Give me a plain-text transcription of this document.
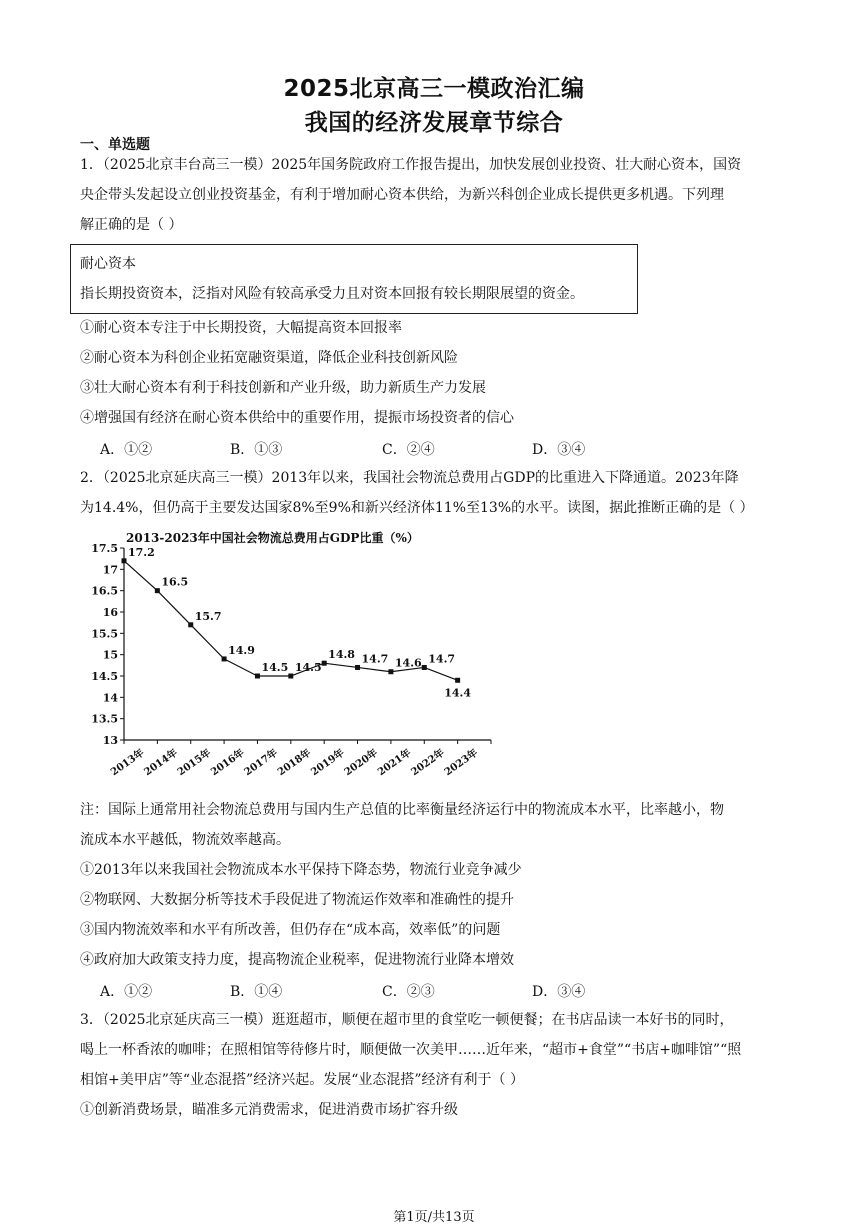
2025北京高三一模政治汇编
我国的经济发展章节综合
一、单选题
1．（2025北京丰台高三一模）2025年国务院政府工作报告提出，加快发展创业投资、壮大耐心资本，国资
央企带头发起设立创业投资基金，有利于增加耐心资本供给，为新兴科创企业成长提供更多机遇。下列理
解正确的是（ ）
耐心资本
指长期投资资本，泛指对风险有较高承受力且对资本回报有较长期限展望的资金。
①耐心资本专注于中长期投资，大幅提高资本回报率
②耐心资本为科创企业拓宽融资渠道，降低企业科技创新风险
③壮大耐心资本有利于科技创新和产业升级，助力新质生产力发展
④增强国有经济在耐心资本供给中的重要作用，提振市场投资者的信心
A．①②	B．①③	C．②④	D．③④
2．（2025北京延庆高三一模）2013年以来，我国社会物流总费用占GDP的比重进入下降通道。2023年降
为14.4%，但仍高于主要发达国家8%至9%和新兴经济体11%至13%的水平。读图，据此推断正确的是（ ）
2013-2023年中国社会物流总费用占GDP比重（%）
17.5
17
16.5
16
15.5
15
14.5
14
13.5
13
2013年
2014年
2015年
2016年
2017年
2018年
2019年
2020年
2021年
2022年
2023年
17.2
16.5
15.7
14.9
14.5 14.5
14.8 14.7 14.6 14.7
14.4
注：国际上通常用社会物流总费用与国内生产总值的比率衡量经济运行中的物流成本水平，比率越小，物
流成本水平越低，物流效率越高。
①2013年以来我国社会物流成本水平保持下降态势，物流行业竞争减少
②物联网、大数据分析等技术手段促进了物流运作效率和准确性的提升
③国内物流效率和水平有所改善，但仍存在“成本高，效率低”的问题
④政府加大政策支持力度，提高物流企业税率，促进物流行业降本增效
A．①②	B．①④	C．②③	D．③④
3．（2025北京延庆高三一模）逛逛超市，顺便在超市里的食堂吃一顿便餐；在书店品读一本好书的同时，
喝上一杯香浓的咖啡；在照相馆等待修片时，顺便做一次美甲……近年来，“超市+食堂”“书店+咖啡馆”“照
相馆+美甲店”等“业态混搭”经济兴起。发展“业态混搭”经济有利于（ ）
①创新消费场景，瞄准多元消费需求，促进消费市场扩容升级
第1页/共13页
